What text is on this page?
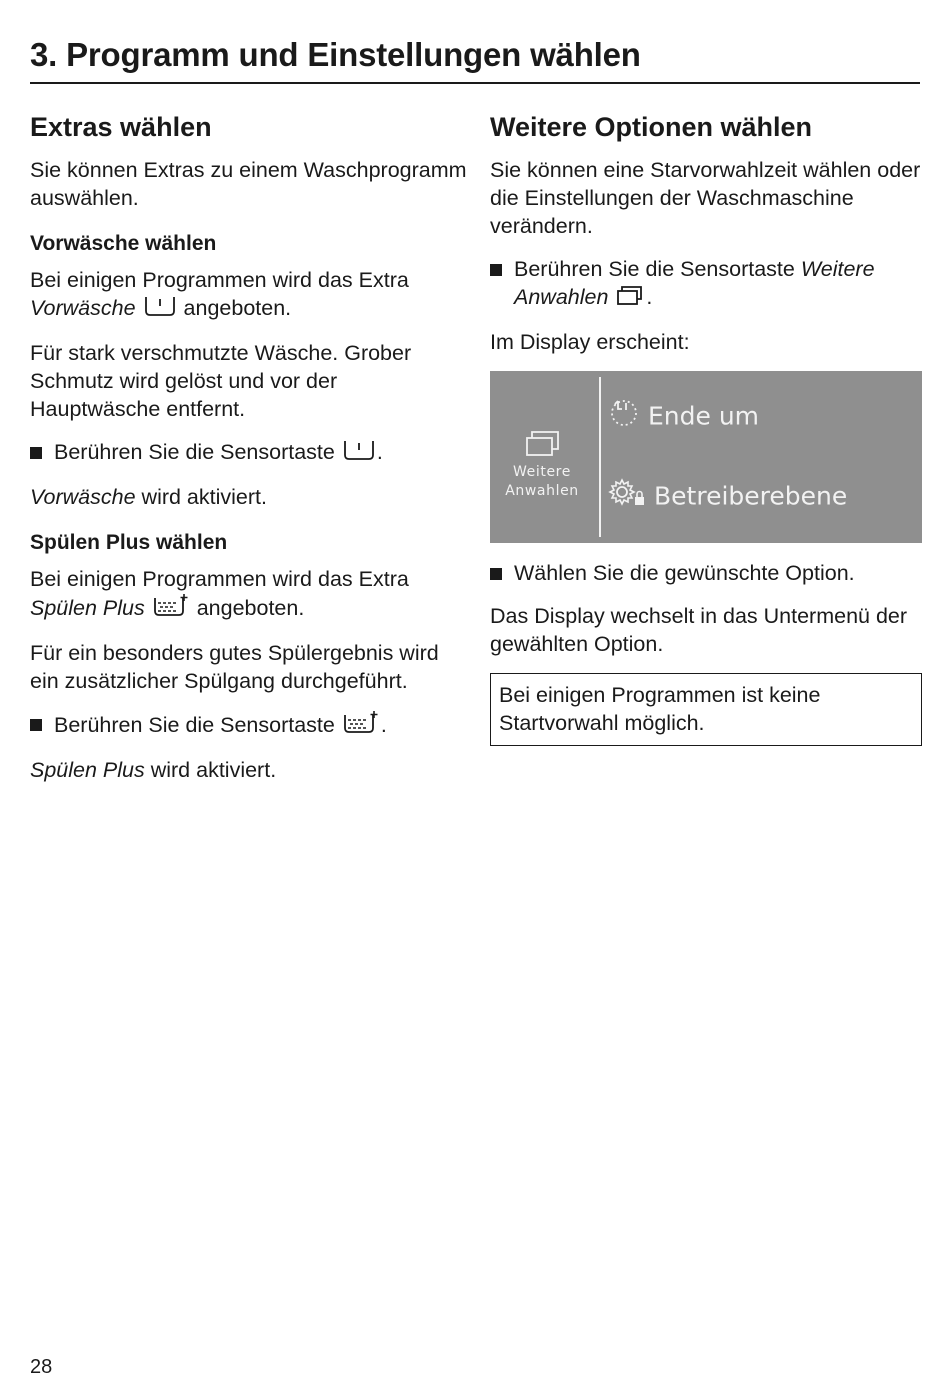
3. Programm und Einstellungen wählen
Extras wählen

Sie können Extras zu einem Waschprogramm auswählen.

Vorwäsche wählen

Bei einigen Programmen wird das Extra Vorwäsche angeboten.

Für stark verschmutzte Wäsche. Grober Schmutz wird gelöst und vor der Hauptwäsche entfernt.

Berühren Sie die Sensortaste .

Vorwäsche wird aktiviert.

Spülen Plus wählen

Bei einigen Programmen wird das Extra Spülen Plus angeboten.

Für ein besonders gutes Spülergebnis wird ein zusätzlicher Spülgang durchgeführt.

Berühren Sie die Sensortaste .

Spülen Plus wird aktiviert.

Weitere Optionen wählen

Sie können eine Starvorwahlzeit wählen oder die Einstellungen der Waschmaschine verändern.

Berühren Sie die Sensortaste Weitere Anwahlen .

Im Display erscheint:

Weitere
Anwahlen
Ende um
Betreiberebene

Wählen Sie die gewünschte Option.

Das Display wechselt in das Untermenü der gewählten Option.

Bei einigen Programmen ist keine Startvorwahl möglich.

28
